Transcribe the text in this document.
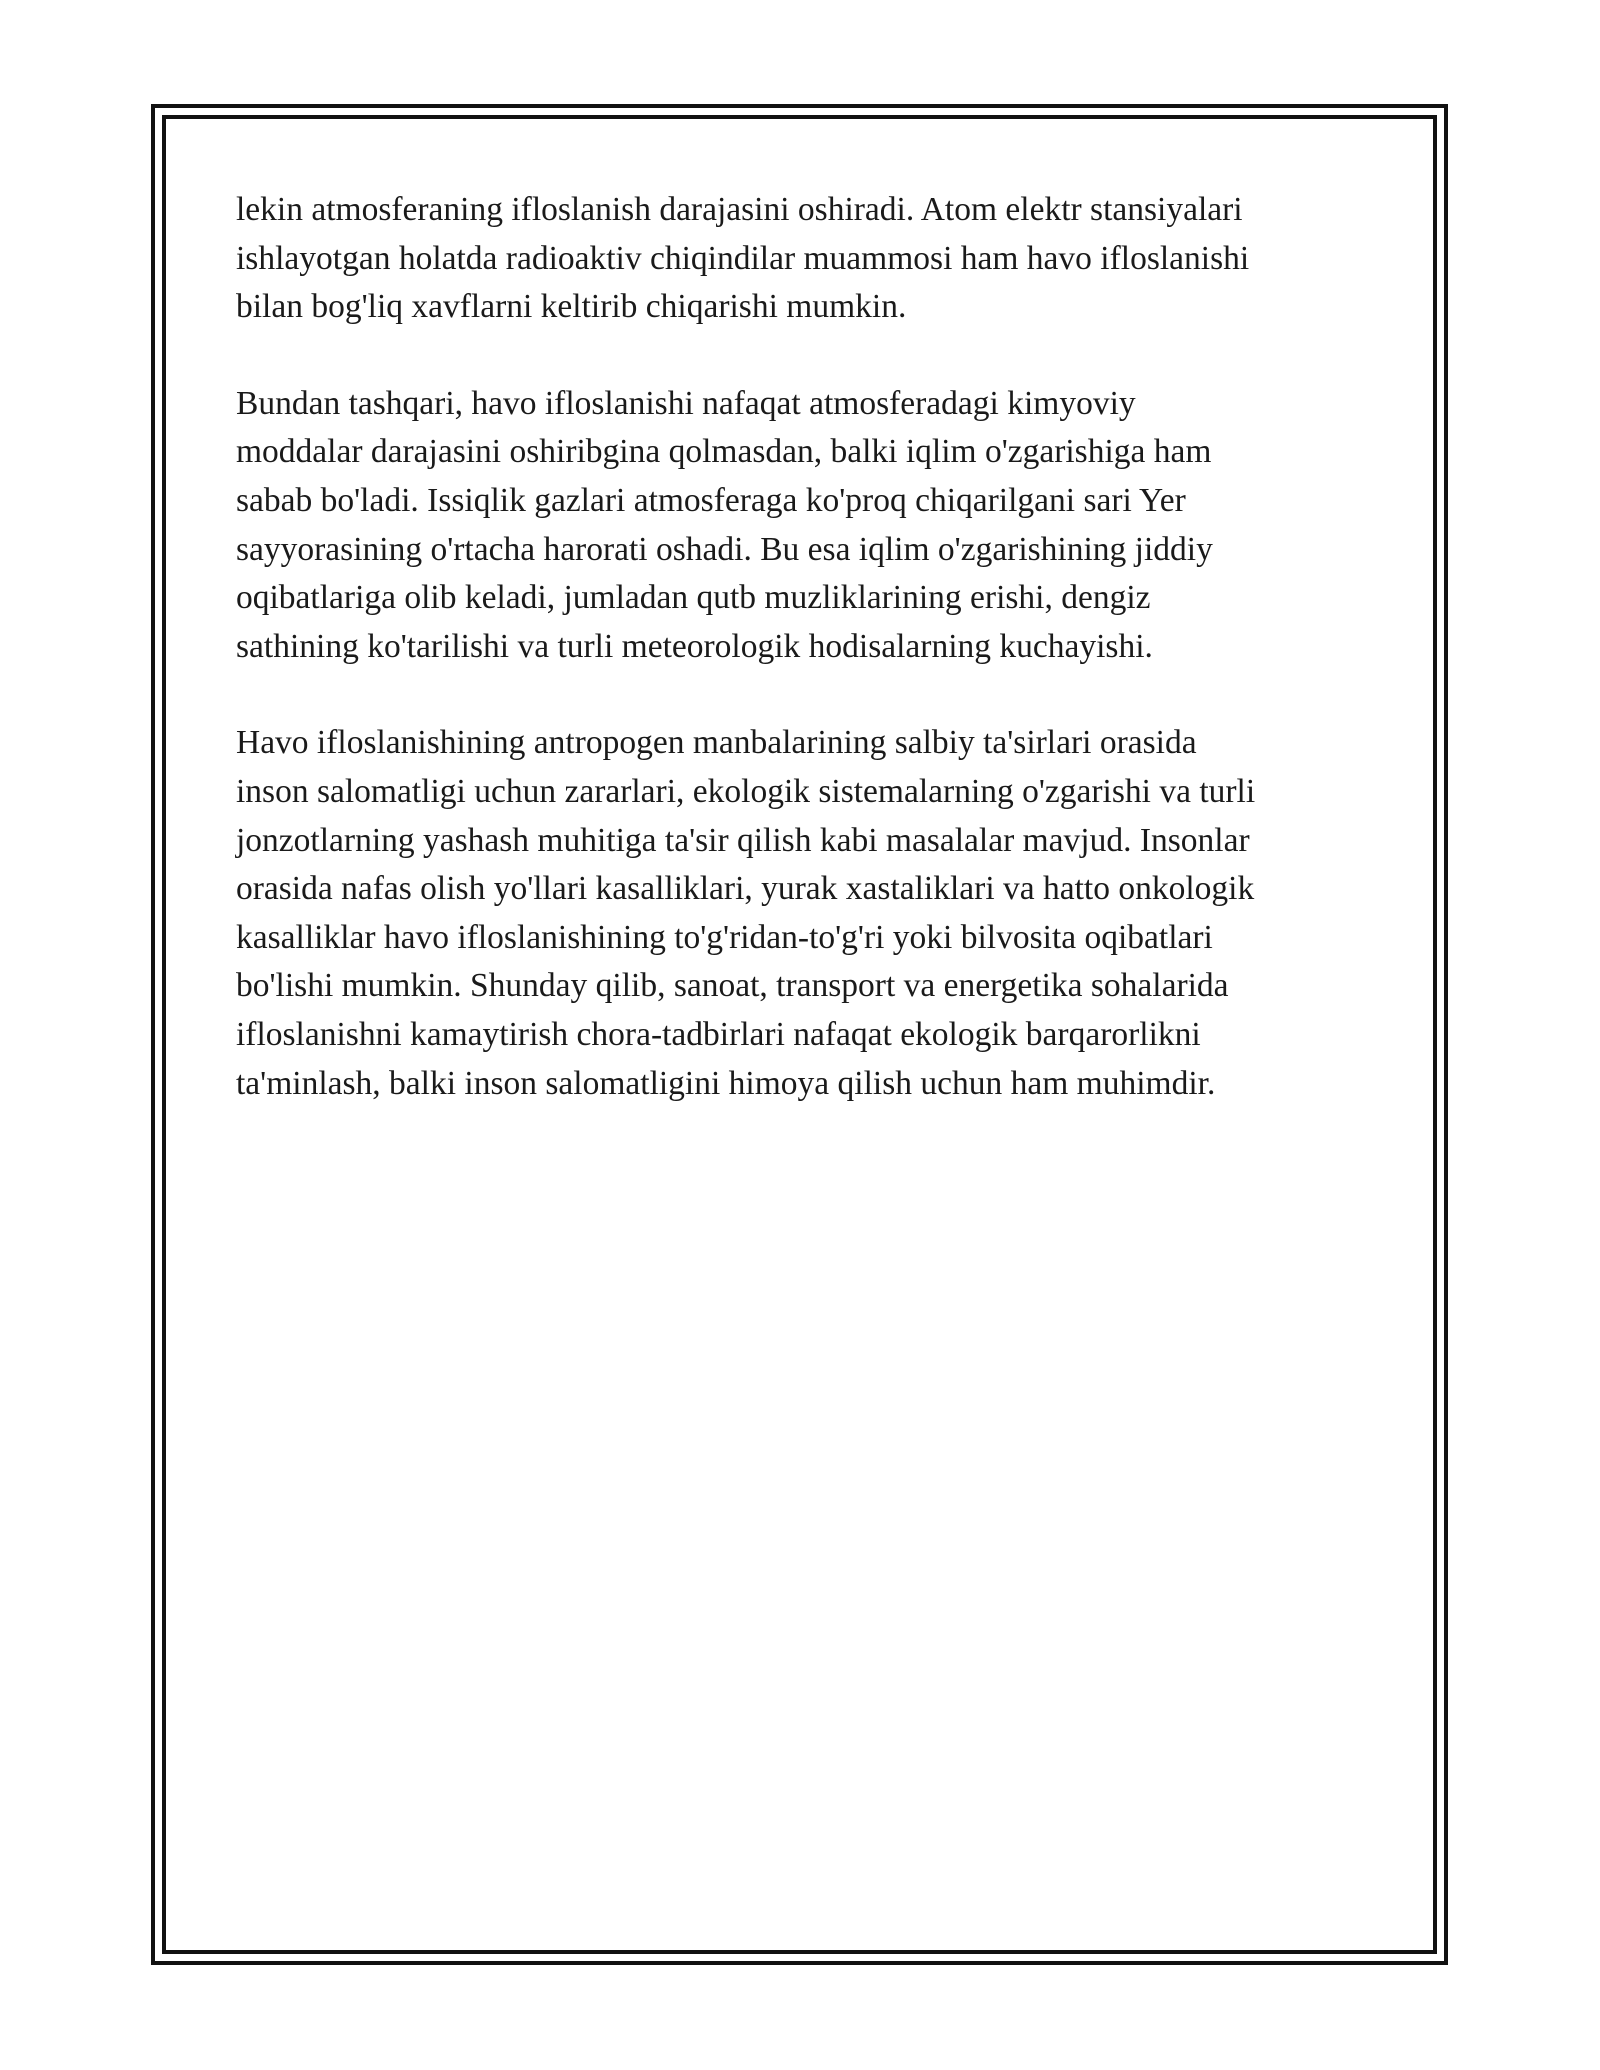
lekin atmosferaning ifloslanish darajasini oshiradi. Atom elektr stansiyalari
ishlayotgan holatda radioaktiv chiqindilar muammosi ham havo ifloslanishi
bilan bog'liq xavflarni keltirib chiqarishi mumkin.

Bundan tashqari, havo ifloslanishi nafaqat atmosferadagi kimyoviy
moddalar darajasini oshiribgina qolmasdan, balki iqlim o'zgarishiga ham
sabab bo'ladi. Issiqlik gazlari atmosferaga ko'proq chiqarilgani sari Yer
sayyorasining o'rtacha harorati oshadi. Bu esa iqlim o'zgarishining jiddiy
oqibatlariga olib keladi, jumladan qutb muzliklarining erishi, dengiz
sathining ko'tarilishi va turli meteorologik hodisalarning kuchayishi.

Havo ifloslanishining antropogen manbalarining salbiy ta'sirlari orasida
inson salomatligi uchun zararlari, ekologik sistemalarning o'zgarishi va turli
jonzotlarning yashash muhitiga ta'sir qilish kabi masalalar mavjud. Insonlar
orasida nafas olish yo'llari kasalliklari, yurak xastaliklari va hatto onkologik
kasalliklar havo ifloslanishining to'g'ridan-to'g'ri yoki bilvosita oqibatlari
bo'lishi mumkin. Shunday qilib, sanoat, transport va energetika sohalarida
ifloslanishni kamaytirish chora-tadbirlari nafaqat ekologik barqarorlikni
ta'minlash, balki inson salomatligini himoya qilish uchun ham muhimdir.
